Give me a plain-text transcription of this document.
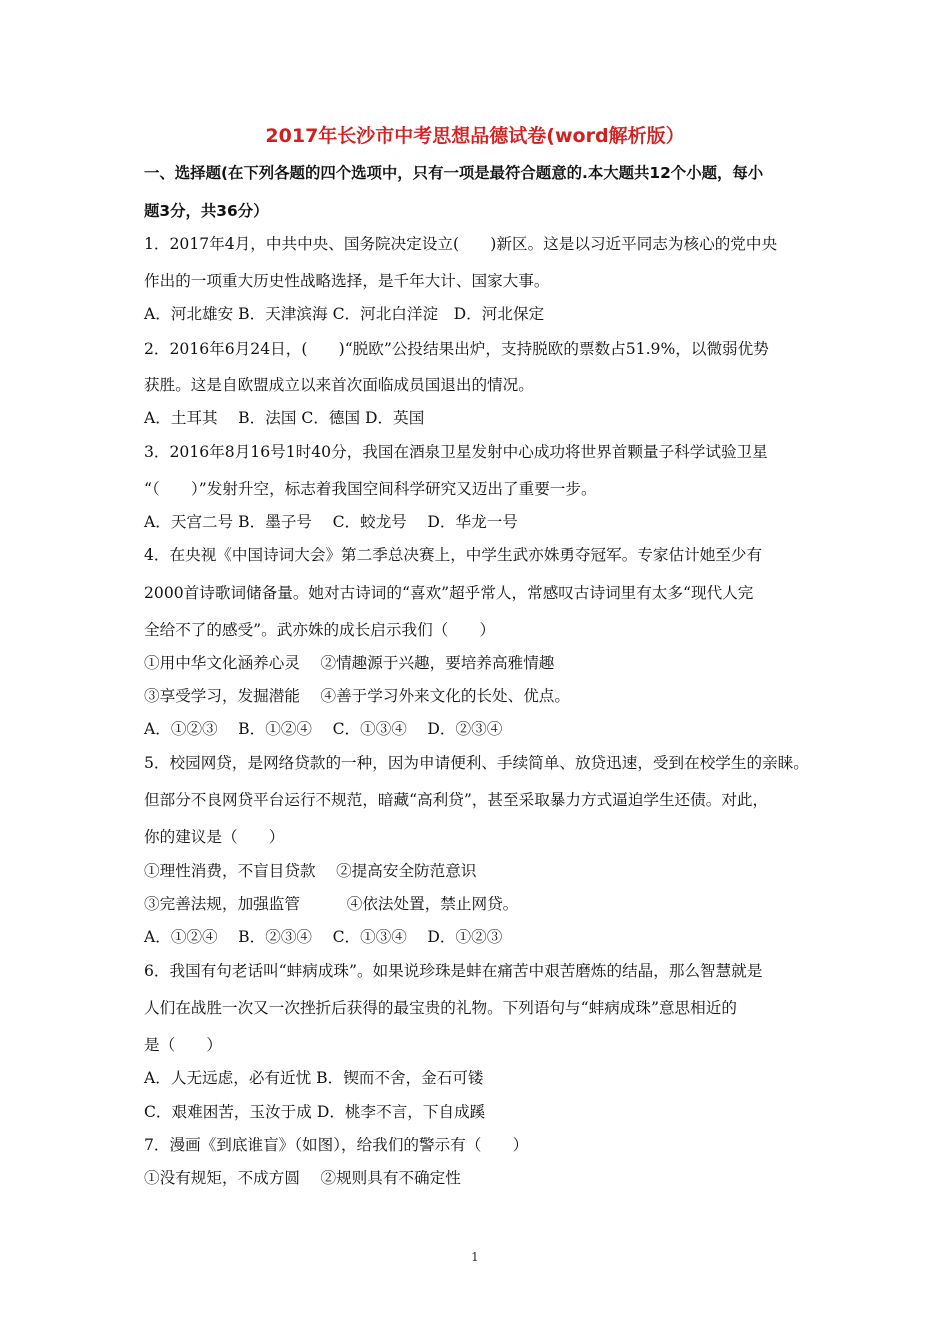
2017年长沙市中考思想品德试卷(word解析版）
一、选择题(在下列各题的四个选项中，只有一项是最符合题意的.本大题共12个小题，每小
题3分，共36分）
1．2017年4月，中共中央、国务院决定设立(　　)新区。这是以习近平同志为核心的党中央
作出的一项重大历史性战略选择，是千年大计、国家大事。
A．河北雄安 B．天津滨海 C．河北白洋淀　D．河北保定
2．2016年6月24日，(　　)“脱欧”公投结果出炉，支持脱欧的票数占51.9%，以微弱优势
获胜。这是自欧盟成立以来首次面临成员国退出的情况。
A．土耳其　 B．法国 C．德国 D．英国
3．2016年8月16号1时40分，我国在酒泉卫星发射中心成功将世界首颗量子科学试验卫星
“（　　）”发射升空，标志着我国空间科学研究又迈出了重要一步。
A．天宫二号 B．墨子号　 C．蛟龙号　 D．华龙一号
4．在央视《中国诗词大会》第二季总决赛上，中学生武亦姝勇夺冠军。专家估计她至少有
2000首诗歌词储备量。她对古诗词的“喜欢”超乎常人，常感叹古诗词里有太多“现代人完
全给不了的感受”。武亦姝的成长启示我们（　　）
①用中华文化涵养心灵　 ②情趣源于兴趣，要培养高雅情趣
③享受学习，发掘潜能　 ④善于学习外来文化的长处、优点。
A．①②③　 B．①②④　 C．①③④　 D．②③④
5．校园网贷，是网络贷款的一种，因为申请便利、手续简单、放贷迅速，受到在校学生的亲睐。
但部分不良网贷平台运行不规范，暗藏“高利贷”，甚至采取暴力方式逼迫学生还债。对此，
你的建议是（　　）
①理性消费，不盲目贷款　 ②提高安全防范意识
③完善法规，加强监管　　　④依法处置，禁止网贷。
A．①②④　 B．②③④　 C．①③④　 D．①②③
6．我国有句老话叫“蚌病成珠”。如果说珍珠是蚌在痛苦中艰苦磨炼的结晶，那么智慧就是
人们在战胜一次又一次挫折后获得的最宝贵的礼物。下列语句与“蚌病成珠”意思相近的
是（　　）
A．人无远虑，必有近忧 B．锲而不舍，金石可镂
C．艰难困苦，玉汝于成 D．桃李不言，下自成蹊
7．漫画《到底谁盲》（如图），给我们的警示有（　　）
①没有规矩，不成方圆　 ②规则具有不确定性
1
